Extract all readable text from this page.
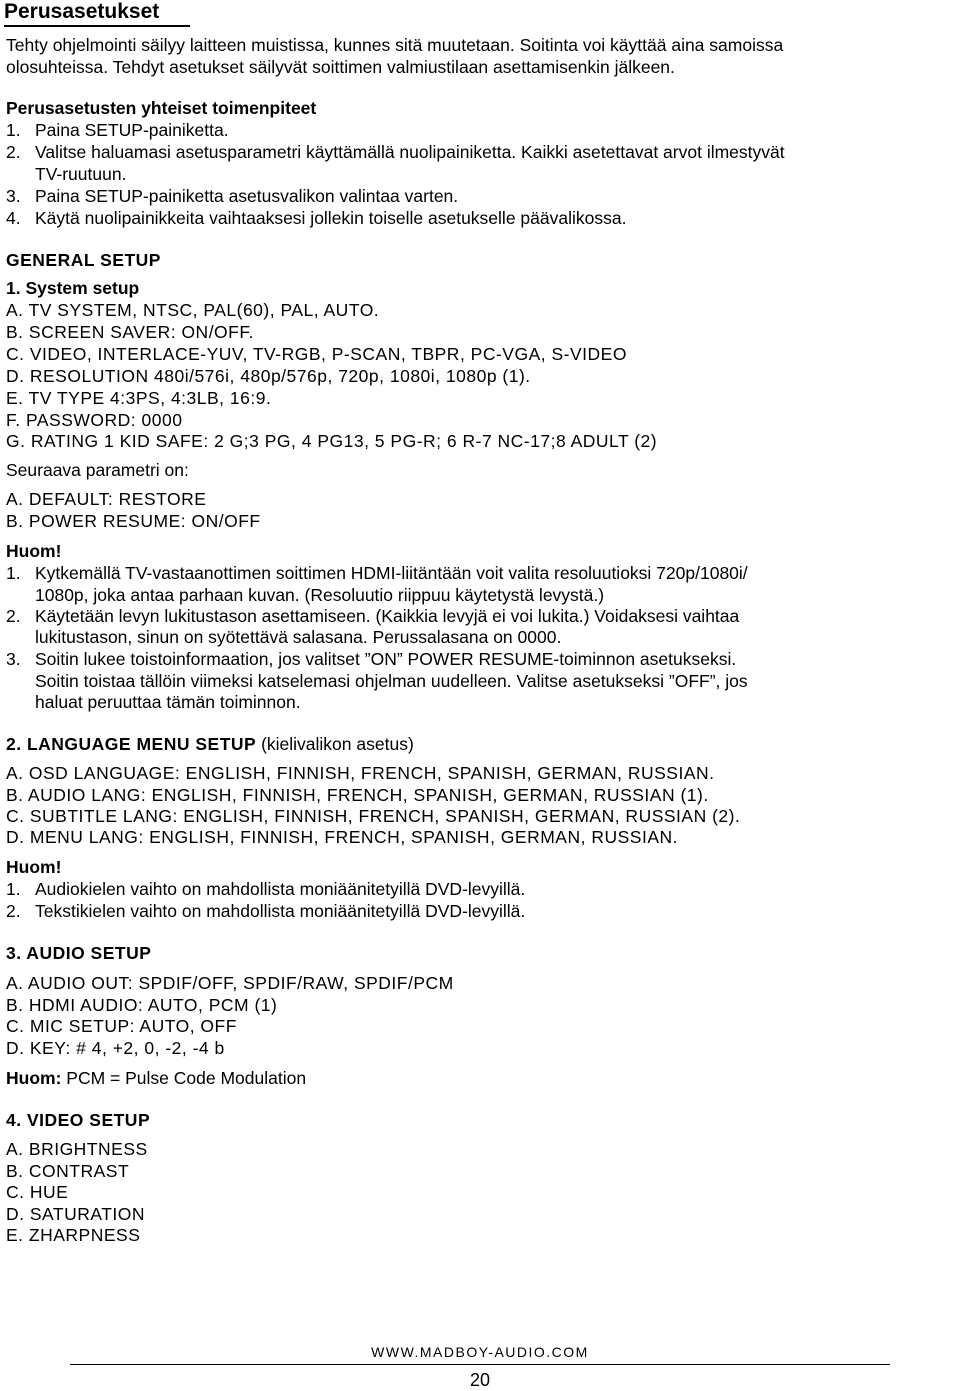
Perusasetukset
Tehty ohjelmointi säilyy laitteen muistissa, kunnes sitä muutetaan. Soitinta voi käyttää aina samoissa
olosuhteissa. Tehdyt asetukset säilyvät soittimen valmiustilaan asettamisenkin jälkeen.
Perusasetusten yhteiset toimenpiteet
1. Paina SETUP-painiketta.
2. Valitse haluamasi asetusparametri käyttämällä nuolipainiketta. Kaikki asetettavat arvot ilmestyvät
TV-ruutuun.
3. Paina SETUP-painiketta asetusvalikon valintaa varten.
4. Käytä nuolipainikkeita vaihtaaksesi jollekin toiselle asetukselle päävalikossa.
GENERAL SETUP
1. System setup
A. TV SYSTEM, NTSC, PAL(60), PAL, AUTO.
B. SCREEN SAVER: ON/OFF.
C. VIDEO, INTERLACE-YUV, TV-RGB, P-SCAN, TBPR, PC-VGA, S-VIDEO
D. RESOLUTION 480i/576i, 480p/576p, 720p, 1080i, 1080p (1).
E. TV TYPE 4:3PS, 4:3LB, 16:9.
F. PASSWORD: 0000
G. RATING 1 KID SAFE: 2 G;3 PG, 4 PG13, 5 PG-R; 6 R-7 NC-17;8 ADULT (2)
Seuraava parametri on:
A. DEFAULT: RESTORE
B. POWER RESUME: ON/OFF
Huom!
1. Kytkemällä TV-vastaanottimen soittimen HDMI-liitäntään voit valita resoluutioksi 720p/1080i/
1080p, joka antaa parhaan kuvan. (Resoluutio riippuu käytetystä levystä.)
2. Käytetään levyn lukitustason asettamiseen. (Kaikkia levyjä ei voi lukita.) Voidaksesi vaihtaa
lukitustason, sinun on syötettävä salasana. Perussalasana on 0000.
3. Soitin lukee toistoinformaation, jos valitset ”ON” POWER RESUME-toiminnon asetukseksi.
Soitin toistaa tällöin viimeksi katselemasi ohjelman uudelleen. Valitse asetukseksi ”OFF”, jos
haluat peruuttaa tämän toiminnon.
2. LANGUAGE MENU SETUP (kielivalikon asetus)
A. OSD LANGUAGE: ENGLISH, FINNISH, FRENCH, SPANISH, GERMAN, RUSSIAN.
B. AUDIO LANG: ENGLISH, FINNISH, FRENCH, SPANISH, GERMAN, RUSSIAN (1).
C. SUBTITLE LANG: ENGLISH, FINNISH, FRENCH, SPANISH, GERMAN, RUSSIAN (2).
D. MENU LANG: ENGLISH, FINNISH, FRENCH, SPANISH, GERMAN, RUSSIAN.
Huom!
1. Audiokielen vaihto on mahdollista moniäänitetyillä DVD-levyillä.
2. Tekstikielen vaihto on mahdollista moniäänitetyillä DVD-levyillä.
3. AUDIO SETUP
A. AUDIO OUT: SPDIF/OFF, SPDIF/RAW, SPDIF/PCM
B. HDMI AUDIO: AUTO, PCM (1)
C. MIC SETUP: AUTO, OFF
D. KEY: # 4, +2, 0, -2, -4 b
Huom: PCM = Pulse Code Modulation
4. VIDEO SETUP
A. BRIGHTNESS
B. CONTRAST
C. HUE
D. SATURATION
E. ZHARPNESS
WWW.MADBOY-AUDIO.COM
20
